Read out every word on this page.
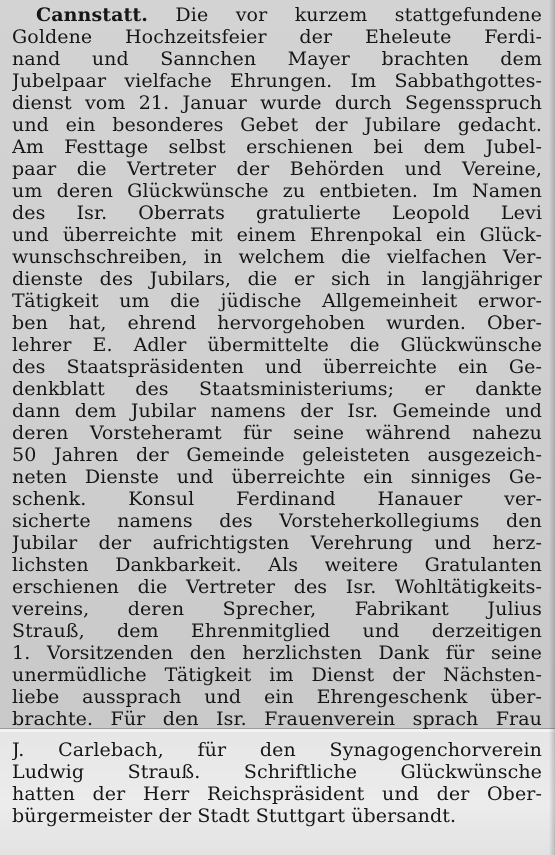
Cannstatt. Die vor kurzem stattgefundene
Goldene Hochzeitsfeier der Eheleute Ferdi-
nand und Sannchen Mayer brachten dem
Jubelpaar vielfache Ehrungen. Im Sabbathgottes-
dienst vom 21. Januar wurde durch Segensspruch
und ein besonderes Gebet der Jubilare gedacht.
Am Festtage selbst erschienen bei dem Jubel-
paar die Vertreter der Behörden und Vereine,
um deren Glückwünsche zu entbieten. Im Namen
des Isr. Oberrats gratulierte Leopold Levi
und überreichte mit einem Ehrenpokal ein Glück-
wunschschreiben, in welchem die vielfachen Ver-
dienste des Jubilars, die er sich in langjähriger
Tätigkeit um die jüdische Allgemeinheit erwor-
ben hat, ehrend hervorgehoben wurden. Ober-
lehrer E. Adler übermittelte die Glückwünsche
des Staatspräsidenten und überreichte ein Ge-
denkblatt des Staatsministeriums; er dankte
dann dem Jubilar namens der Isr. Gemeinde und
deren Vorsteheramt für seine während nahezu
50 Jahren der Gemeinde geleisteten ausgezeich-
neten Dienste und überreichte ein sinniges Ge-
schenk. Konsul Ferdinand Hanauer ver-
sicherte namens des Vorsteherkollegiums den
Jubilar der aufrichtigsten Verehrung und herz-
lichsten Dankbarkeit. Als weitere Gratulanten
erschienen die Vertreter des Isr. Wohltätigkeits-
vereins, deren Sprecher, Fabrikant Julius
Strauß, dem Ehrenmitglied und derzeitigen
1. Vorsitzenden den herzlichsten Dank für seine
unermüdliche Tätigkeit im Dienst der Nächsten-
liebe aussprach und ein Ehrengeschenk über-
brachte. Für den Isr. Frauenverein sprach Frau
J. Carlebach, für den Synagogenchorverein
Ludwig Strauß. Schriftliche Glückwünsche
hatten der Herr Reichspräsident und der Ober-
bürgermeister der Stadt Stuttgart übersandt.
